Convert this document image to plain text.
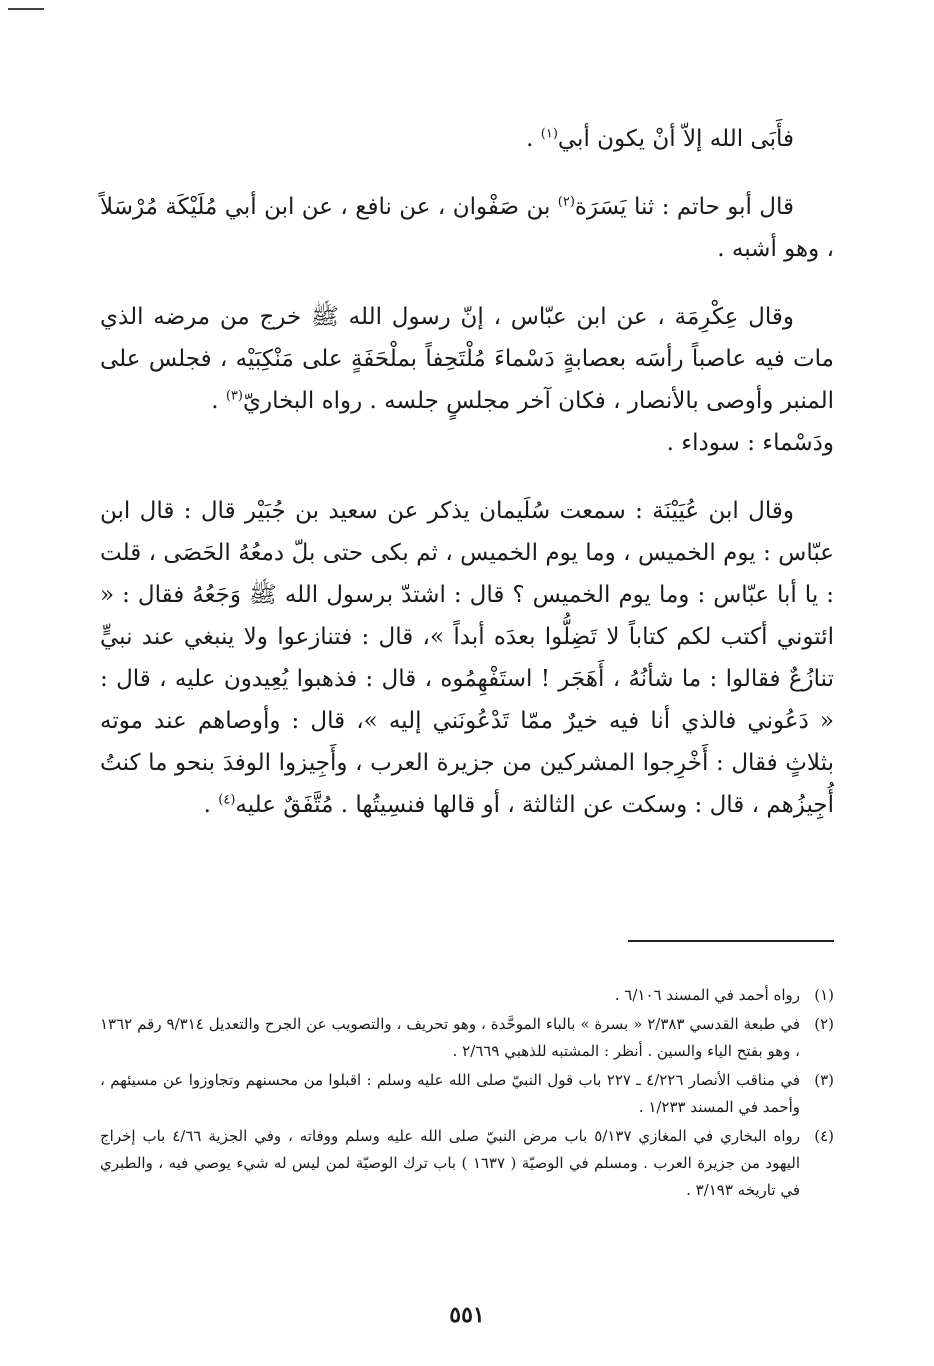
فأَبَى الله إلاّ أنْ يكون أبي$^{(١)}$ .

قال أبو حاتم : ثنا يَسَرَة$^{(٢)}$ بن صَفْوان ، عن نافع ، عن ابن أبي مُلَيْكَة مُرْسَلاً ، وهو أشبه .

وقال عِكْرِمَة ، عن ابن عبّاس ، إنّ رسول الله ﷺ خرج من مرضه الذي مات فيه عاصباً رأسَه بعصابةٍ دَسْماءَ مُلْتَحِفاً بملْحَفَةٍ على مَنْكِبَيْه ، فجلس على المنبر وأوصى بالأنصار ، فكان آخر مجلسٍ جلسه . رواه البخاريّ$^{(٣)}$ .

ودَسْماء : سوداء .

وقال ابن عُيَيْنَة : سمعت سُلَيمان يذكر عن سعيد بن جُبَيْر قال : قال ابن عبّاس : يوم الخميس ، وما يوم الخميس ، ثم بكى حتى بلّ دمعُهُ الحَصَى ، قلت : يا أبا عبّاس : وما يوم الخميس ؟ قال : اشتدّ برسول الله ﷺ وَجَعُهُ فقال : « ائتوني أكتب لكم كتاباً لا تَضِلُّوا بعدَه أبداً »، قال : فتنازعوا ولا ينبغي عند نبيٍّ تنازُعٌ فقالوا : ما شأنُهُ ، أَهَجَر ! استَفْهِمُوه ، قال : فذهبوا يُعِيدون عليه ، قال : « دَعُوني فالذي أنا فيه خيرٌ ممّا تَدْعُونَني إليه »، قال : وأوصاهم عند موته بثلاثٍ فقال : أَخْرِجوا المشركين من جزيرة العرب ، وأَجِيزوا الوفدَ بنحو ما كنتُ أُجِيزُهم ، قال : وسكت عن الثالثة ، أو قالها فنسِيتُها . مُتَّفَقٌ عليه$^{(٤)}$ .

(١)رواه أحمد في المسند ٦/١٠٦ .
(٢)في طبعة القدسي ٢/٣٨٣ « بسرة » بالباء الموحَّدة ، وهو تحريف ، والتصويب عن الجرح والتعديل ٩/٣١٤ رقم ١٣٦٢ ، وهو بفتح الياء والسين . أنظر : المشتبه للذهبي ٢/٦٦٩ .
(٣)في مناقب الأنصار ٤/٢٢٦ ـ ٢٢٧ باب قول النبيّ صلى الله عليه وسلم : اقبلوا من محسنهم وتجاوزوا عن مسيئهم ، وأحمد في المسند ١/٢٣٣ .
(٤)رواه البخاري في المغازي ٥/١٣٧ باب مرض النبيّ صلى الله عليه وسلم ووفاته ، وفي الجزية ٤/٦٦ باب إخراج اليهود من جزيرة العرب . ومسلم في الوصيّة ( ١٦٣٧ ) باب ترك الوصيّة لمن ليس له شيء يوصي فيه ، والطبري في تاريخه ٣/١٩٣ .
٥٥١
